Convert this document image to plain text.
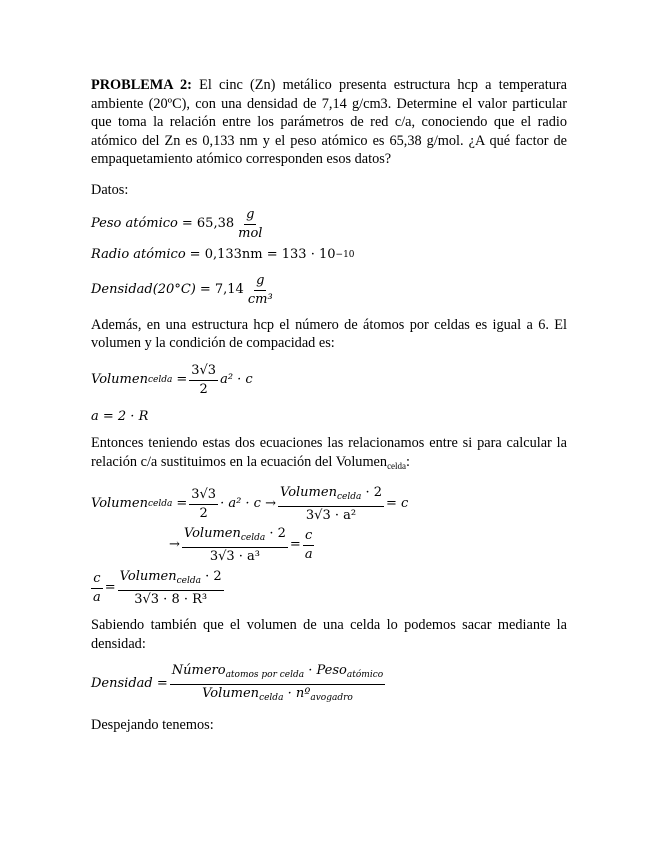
PROBLEMA 2: El cinc (Zn) metálico presenta estructura hcp a temperatura ambiente (20ºC), con una densidad de 7,14 g/cm3. Determine el valor particular que toma la relación entre los parámetros de red c/a, conociendo que el radio atómico del Zn es 0,133 nm y el peso atómico es 65,38 g/mol. ¿A qué factor de empaquetamiento atómico corresponden esos datos?

Datos:

Peso atómico = $65,38 \frac{g}{\text{mol}}$
Radio atómico = 0,133nm = 133 · 10 −10
Densidad(20°C) = $7,14 \frac{g}{\text{cm³}}$

Además, en una estructura hcp el número de átomos por celdas es igual a 6. El volumen y la condición de compacidad es:

Volumen celda = $\frac{3√3}{2} a^2 \cdot c$
a = 2 · R

Entonces teniendo estas dos ecuaciones las relacionamos entre si para calcular la relación c/a sustituimos en la ecuación del Volumen$_{celda}$:

Volumen celda = $\frac{3√3}{2} \cdot a^2 \cdot c \to \frac{Volumen_{celda} \cdot 2}{\text{3√3 · a²}} = c$
→ $\frac{Volumen_{celda} \cdot 2}{\text{3√3 · a³}} = \frac{c}{a}$
$\frac{c}{a} = \frac{Volumen_{celda} \cdot 2}{\text{3√3 · 8 · R³}}$

Sabiendo también que el volumen de una celda lo podemos sacar mediante la densidad:

Densidad = $\frac{Número_{atomos por celda} \cdot Peso_{atómico}}{Volumen_{celda} \cdot nº_{avogadro}}$

Despejando tenemos:
